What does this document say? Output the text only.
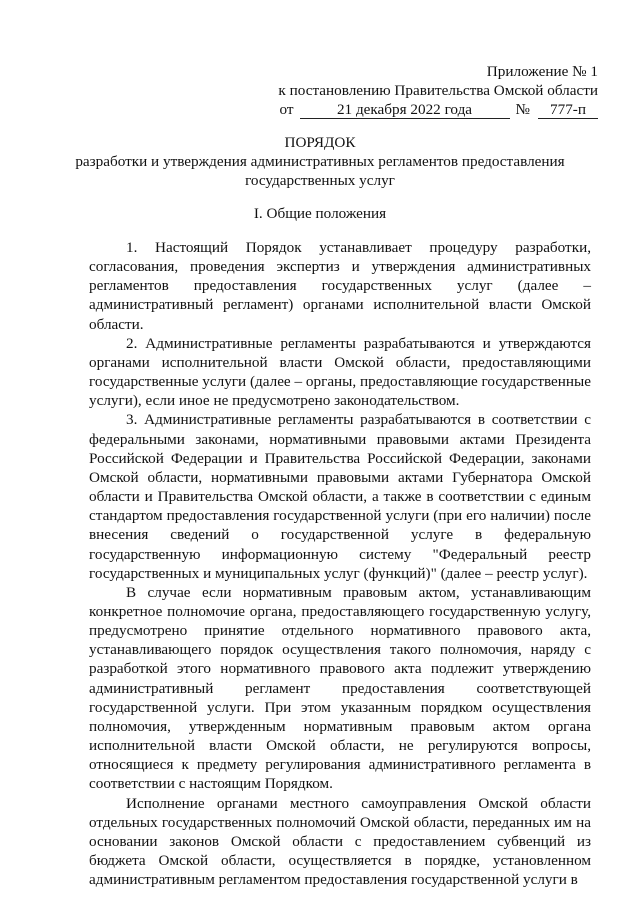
Приложение № 1
к постановлению Правительства Омской области
от	21 декабря 2022 года	№	777-п
ПОРЯДОК
разработки и утверждения административных регламентов предоставления
государственных услуг
I. Общие положения

1. Настоящий Порядок устанавливает процедуру разработки, согласования, проведения экспертиз и утверждения административных регламентов предоставления государственных услуг (далее – административный регламент) органами исполнительной власти Омской области.

2. Административные регламенты разрабатываются и утверждаются органами исполнительной власти Омской области, предоставляющими государственные услуги (далее – органы, предоставляющие государственные услуги), если иное не предусмотрено законодательством.

3. Административные регламенты разрабатываются в соответствии с федеральными законами, нормативными правовыми актами Президента Российской Федерации и Правительства Российской Федерации, законами Омской области, нормативными правовыми актами Губернатора Омской области и Правительства Омской области, а также в соответствии с единым стандартом предоставления государственной услуги (при его наличии) после внесения сведений о государственной услуге в федеральную государственную информационную систему "Федеральный реестр государственных и муниципальных услуг (функций)" (далее – реестр услуг).

В случае если нормативным правовым актом, устанавливающим конкретное полномочие органа, предоставляющего государственную услугу, предусмотрено принятие отдельного нормативного правового акта, устанавливающего порядок осуществления такого полномочия, наряду с разработкой этого нормативного правового акта подлежит утверждению административный регламент предоставления соответствующей государственной услуги. При этом указанным порядком осуществления полномочия, утвержденным нормативным правовым актом органа исполнительной власти Омской области, не регулируются вопросы, относящиеся к предмету регулирования административного регламента в соответствии с настоящим Порядком.

Исполнение органами местного самоуправления Омской области отдельных государственных полномочий Омской области, переданных им на основании законов Омской области с предоставлением субвенций из бюджета Омской области, осуществляется в порядке, установленном административным регламентом предоставления государственной услуги в
